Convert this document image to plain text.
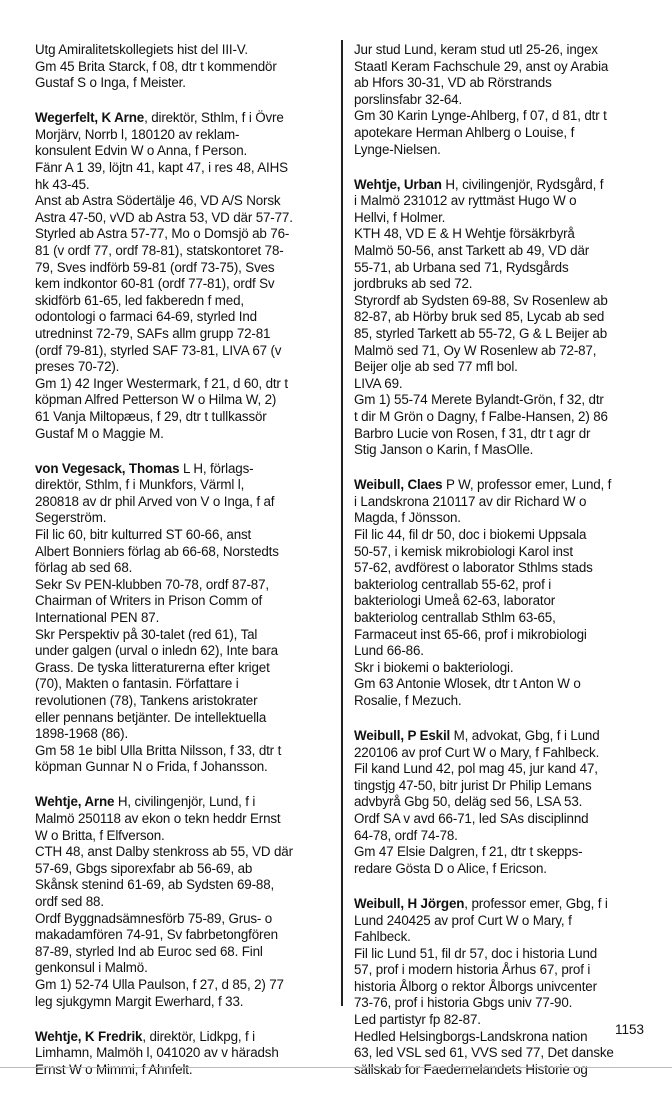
Utg Amiralitetskollegiets hist del III-V.
Gm 45 Brita Starck, f 08, dtr t kommendör
Gustaf S o Inga, f Meister.
Wegerfelt, K Arne, direktör, Sthlm, f i Övre
Morjärv, Norrb l, 180120 av reklam-
konsulent Edvin W o Anna, f Person.
Fänr A 1 39, löjtn 41, kapt 47, i res 48, AIHS
hk 43-45.
Anst ab Astra Södertälje 46, VD A/S Norsk
Astra 47-50, vVD ab Astra 53, VD där 57-77.
Styrled ab Astra 57-77, Mo o Domsjö ab 76-
81 (v ordf 77, ordf 78-81), statskontoret 78-
79, Sves indförb 59-81 (ordf 73-75), Sves
kem indkontor 60-81 (ordf 77-81), ordf Sv
skidförb 61-65, led fakberedn f med,
odontologi o farmaci 64-69, styrled Ind
utredninst 72-79, SAFs allm grupp 72-81
(ordf 79-81), styrled SAF 73-81, LIVA 67 (v
preses 70-72).
Gm 1) 42 Inger Westermark, f 21, d 60, dtr t
köpman Alfred Petterson W o Hilma W, 2)
61 Vanja Miltopæus, f 29, dtr t tullkassör
Gustaf M o Maggie M.
von Vegesack, Thomas L H, förlags-
direktör, Sthlm, f i Munkfors, Värml l,
280818 av dr phil Arved von V o Inga, f af
Segerström.
Fil lic 60, bitr kulturred ST 60-66, anst
Albert Bonniers förlag ab 66-68, Norstedts
förlag ab sed 68.
Sekr Sv PEN-klubben 70-78, ordf 87-87,
Chairman of Writers in Prison Comm of
International PEN 87.
Skr Perspektiv på 30-talet (red 61), Tal
under galgen (urval o inledn 62), Inte bara
Grass. De tyska litteraturerna efter kriget
(70), Makten o fantasin. Författare i
revolutionen (78), Tankens aristokrater
eller pennans betjänter. De intellektuella
1898-1968 (86).
Gm 58 1e bibl Ulla Britta Nilsson, f 33, dtr t
köpman Gunnar N o Frida, f Johansson.
Wehtje, Arne H, civilingenjör, Lund, f i
Malmö 250118 av ekon o tekn heddr Ernst
W o Britta, f Elfverson.
CTH 48, anst Dalby stenkross ab 55, VD där
57-69, Gbgs siporexfabr ab 56-69, ab
Skånsk stenind 61-69, ab Sydsten 69-88,
ordf sed 88.
Ordf Byggnadsämnesförb 75-89, Grus- o
makadamfören 74-91, Sv fabrbetongfören
87-89, styrled Ind ab Euroc sed 68. Finl
genkonsul i Malmö.
Gm 1) 52-74 Ulla Paulson, f 27, d 85, 2) 77
leg sjukgymn Margit Ewerhard, f 33.
Wehtje, K Fredrik, direktör, Lidkpg, f i
Limhamn, Malmöh l, 041020 av v häradsh
Ernst W o Mimmi, f Ahnfelt.
Jur stud Lund, keram stud utl 25-26, ingex
Staatl Keram Fachschule 29, anst oy Arabia
ab Hfors 30-31, VD ab Rörstrands
porslinsfabr 32-64.
Gm 30 Karin Lynge-Ahlberg, f 07, d 81, dtr t
apotekare Herman Ahlberg o Louise, f
Lynge-Nielsen.
Wehtje, Urban H, civilingenjör, Rydsgård, f
i Malmö 231012 av ryttmäst Hugo W o
Hellvi, f Holmer.
KTH 48, VD E & H Wehtje försäkrbyrå
Malmö 50-56, anst Tarkett ab 49, VD där
55-71, ab Urbana sed 71, Rydsgårds
jordbruks ab sed 72.
Styrordf ab Sydsten 69-88, Sv Rosenlew ab
82-87, ab Hörby bruk sed 85, Lycab ab sed
85, styrled Tarkett ab 55-72, G & L Beijer ab
Malmö sed 71, Oy W Rosenlew ab 72-87,
Beijer olje ab sed 77 mfl bol.
LIVA 69.
Gm 1) 55-74 Merete Bylandt-Grön, f 32, dtr
t dir M Grön o Dagny, f Falbe-Hansen, 2) 86
Barbro Lucie von Rosen, f 31, dtr t agr dr
Stig Janson o Karin, f MasOlle.
Weibull, Claes P W, professor emer, Lund, f
i Landskrona 210117 av dir Richard W o
Magda, f Jönsson.
Fil lic 44, fil dr 50, doc i biokemi Uppsala
50-57, i kemisk mikrobiologi Karol inst
57-62, avdförest o laborator Sthlms stads
bakteriolog centrallab 55-62, prof i
bakteriologi Umeå 62-63, laborator
bakteriolog centrallab Sthlm 63-65,
Farmaceut inst 65-66, prof i mikrobiologi
Lund 66-86.
Skr i biokemi o bakteriologi.
Gm 63 Antonie Wlosek, dtr t Anton W o
Rosalie, f Mezuch.
Weibull, P Eskil M, advokat, Gbg, f i Lund
220106 av prof Curt W o Mary, f Fahlbeck.
Fil kand Lund 42, pol mag 45, jur kand 47,
tingstjg 47-50, bitr jurist Dr Philip Lemans
advbyrå Gbg 50, deläg sed 56, LSA 53.
Ordf SA v avd 66-71, led SAs disciplinnd
64-78, ordf 74-78.
Gm 47 Elsie Dalgren, f 21, dtr t skepps-
redare Gösta D o Alice, f Ericson.
Weibull, H Jörgen, professor emer, Gbg, f i
Lund 240425 av prof Curt W o Mary, f
Fahlbeck.
Fil lic Lund 51, fil dr 57, doc i historia Lund
57, prof i modern historia Århus 67, prof i
historia Ålborg o rektor Ålborgs univcenter
73-76, prof i historia Gbgs univ 77-90.
Led partistyr fp 82-87.
Hedled Helsingborgs-Landskrona nation
63, led VSL sed 61, VVS sed 77, Det danske
sällskab for Faedernelandets Historie og
1153
